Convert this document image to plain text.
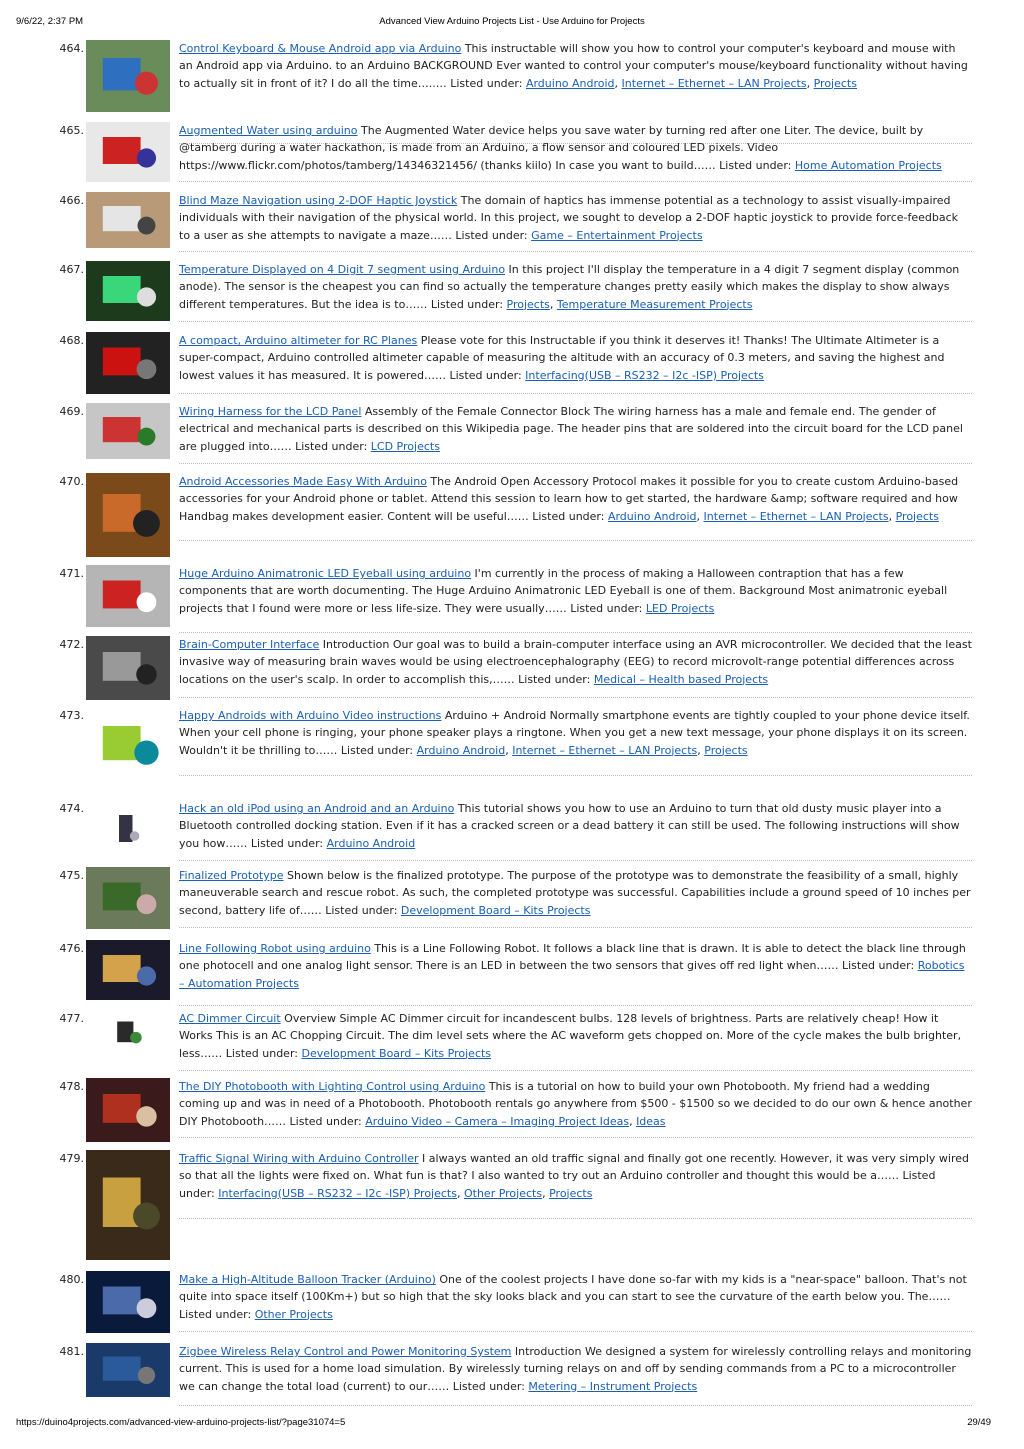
9/6/22, 2:37 PM	Advanced View Arduino Projects List - Use Arduino for Projects
464.	Control Keyboard & Mouse Android app via Arduino This instructable will show you how to control your computer's keyboard and mouse with an Android app via Arduino. to an Arduino BACKGROUND Ever wanted to control your computer's mouse/keyboard functionality without having to actually sit in front of it? I do all the time…..… Listed under: Arduino Android, Internet – Ethernet – LAN Projects, Projects

465.	Augmented Water using arduino The Augmented Water device helps you save water by turning red after one Liter. The device, built by @tamberg during a water hackathon, is made from an Arduino, a flow sensor and coloured LED pixels. Video https://www.flickr.com/photos/tamberg/14346321456/ (thanks kiilo) In case you want to build…… Listed under: Home Automation Projects

466.	Blind Maze Navigation using 2-DOF Haptic Joystick The domain of haptics has immense potential as a technology to assist visually-impaired individuals with their navigation of the physical world. In this project, we sought to develop a 2-DOF haptic joystick to provide force-feedback to a user as she attempts to navigate a maze…… Listed under: Game – Entertainment Projects

467.	Temperature Displayed on 4 Digit 7 segment using Arduino In this project I'll display the temperature in a 4 digit 7 segment display (common anode). The sensor is the cheapest you can find so actually the temperature changes pretty easily which makes the display to show always different temperatures. But the idea is to…… Listed under: Projects, Temperature Measurement Projects

468.	A compact, Arduino altimeter for RC Planes Please vote for this Instructable if you think it deserves it! Thanks! The Ultimate Altimeter is a super-compact, Arduino controlled altimeter capable of measuring the altitude with an accuracy of 0.3 meters, and saving the highest and lowest values it has measured. It is powered…… Listed under: Interfacing(USB – RS232 – I2c -ISP) Projects

469.	Wiring Harness for the LCD Panel Assembly of the Female Connector Block The wiring harness has a male and female end. The gender of electrical and mechanical parts is described on this Wikipedia page. The header pins that are soldered into the circuit board for the LCD panel are plugged into…… Listed under: LCD Projects

470.	Android Accessories Made Easy With Arduino The Android Open Accessory Protocol makes it possible for you to create custom Arduino-based accessories for your Android phone or tablet. Attend this session to learn how to get started, the hardware &amp; software required and how Handbag makes development easier. Content will be useful…… Listed under: Arduino Android, Internet – Ethernet – LAN Projects, Projects

471.	Huge Arduino Animatronic LED Eyeball using arduino I'm currently in the process of making a Halloween contraption that has a few components that are worth documenting. The Huge Arduino Animatronic LED Eyeball is one of them. Background Most animatronic eyeball projects that I found were more or less life-size. They were usually…… Listed under: LED Projects

472.	Brain-Computer Interface Introduction Our goal was to build a brain-computer interface using an AVR microcontroller. We decided that the least invasive way of measuring brain waves would be using electroencephalography (EEG) to record microvolt-range potential differences across locations on the user's scalp. In order to accomplish this,…… Listed under: Medical – Health based Projects

473.	Happy Androids with Arduino Video instructions Arduino + Android Normally smartphone events are tightly coupled to your phone device itself. When your cell phone is ringing, your phone speaker plays a ringtone. When you get a new text message, your phone displays it on its screen. Wouldn't it be thrilling to…… Listed under: Arduino Android, Internet – Ethernet – LAN Projects, Projects

474.	Hack an old iPod using an Android and an Arduino This tutorial shows you how to use an Arduino to turn that old dusty music player into a Bluetooth controlled docking station. Even if it has a cracked screen or a dead battery it can still be used. The following instructions will show you how…… Listed under: Arduino Android

475.	Finalized Prototype Shown below is the finalized prototype. The purpose of the prototype was to demonstrate the feasibility of a small, highly maneuverable search and rescue robot. As such, the completed prototype was successful. Capabilities include a ground speed of 10 inches per second, battery life of…… Listed under: Development Board – Kits Projects

476.	Line Following Robot using arduino This is a Line Following Robot. It follows a black line that is drawn. It is able to detect the black line through one photocell and one analog light sensor. There is an LED in between the two sensors that gives off red light when…… Listed under: Robotics – Automation Projects

477.	AC Dimmer Circuit Overview Simple AC Dimmer circuit for incandescent bulbs. 128 levels of brightness. Parts are relatively cheap! How it Works This is an AC Chopping Circuit. The dim level sets where the AC waveform gets chopped on. More of the cycle makes the bulb brighter, less…… Listed under: Development Board – Kits Projects

478.	The DIY Photobooth with Lighting Control using Arduino This is a tutorial on how to build your own Photobooth. My friend had a wedding coming up and was in need of a Photobooth. Photobooth rentals go anywhere from $500 - $1500 so we decided to do our own & hence another DIY Photobooth…… Listed under: Arduino Video – Camera – Imaging Project Ideas, Ideas

479.	Traffic Signal Wiring with Arduino Controller I always wanted an old traffic signal and finally got one recently. However, it was very simply wired so that all the lights were fixed on. What fun is that? I also wanted to try out an Arduino controller and thought this would be a…… Listed under: Interfacing(USB – RS232 – I2c -ISP) Projects, Other Projects, Projects

480.	Make a High-Altitude Balloon Tracker (Arduino) One of the coolest projects I have done so-far with my kids is a "near-space" balloon. That's not quite into space itself (100Km+) but so high that the sky looks black and you can start to see the curvature of the earth below you. The…… Listed under: Other Projects

481.	Zigbee Wireless Relay Control and Power Monitoring System Introduction We designed a system for wirelessly controlling relays and monitoring current. This is used for a home load simulation. By wirelessly turning relays on and off by sending commands from a PC to a microcontroller we can change the total load (current) to our…… Listed under: Metering – Instrument Projects

https://duino4projects.com/advanced-view-arduino-projects-list/?page31074=5	29/49
